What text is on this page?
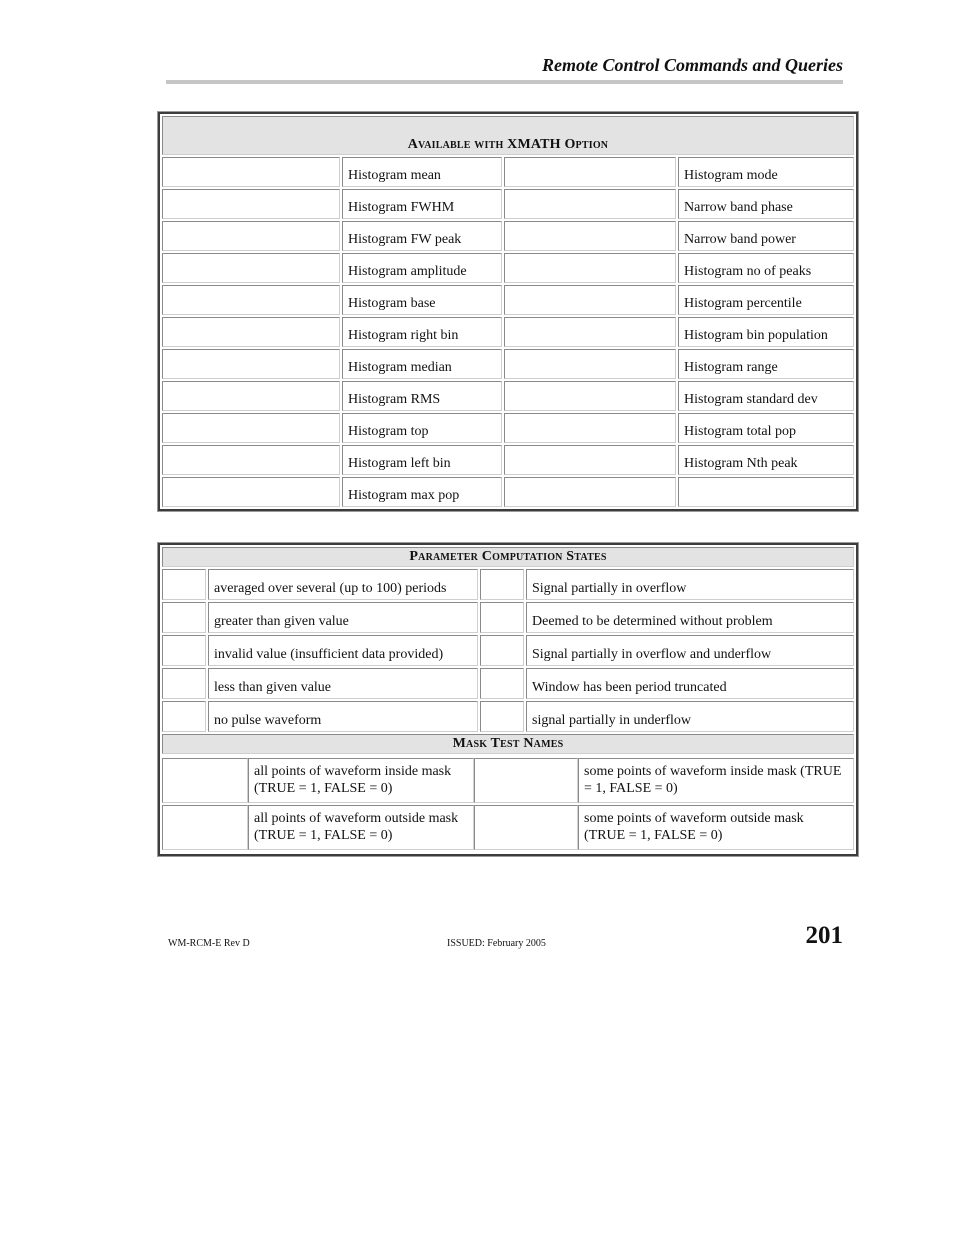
Remote Control Commands and Queries
Available with XMATH Option			
	Histogram mean		Histogram mode
	Histogram FWHM		Narrow band phase
	Histogram FW peak		Narrow band power
	Histogram amplitude		Histogram no of peaks
	Histogram base		Histogram percentile
	Histogram right bin		Histogram bin population
	Histogram median		Histogram range
	Histogram RMS		Histogram standard dev
	Histogram top		Histogram total pop
	Histogram left bin		Histogram Nth peak
	Histogram max pop		
Parameter Computation States
	averaged over several (up to 100) periods		Signal partially in overflow
	greater than given value		Deemed to be determined without problem
	invalid value (insufficient data provided)		Signal partially in overflow and underflow
	less than given value		Window has been period truncated
	no pulse waveform		signal partially in underflow
Mask Test Names

	all points of waveform inside mask (TRUE = 1, FALSE = 0)		some points of waveform inside mask (TRUE = 1, FALSE = 0)
	all points of waveform outside mask (TRUE = 1, FALSE = 0)		some points of waveform outside mask (TRUE = 1, FALSE = 0)
WM-RCM-E Rev D	ISSUED: February 2005	201
